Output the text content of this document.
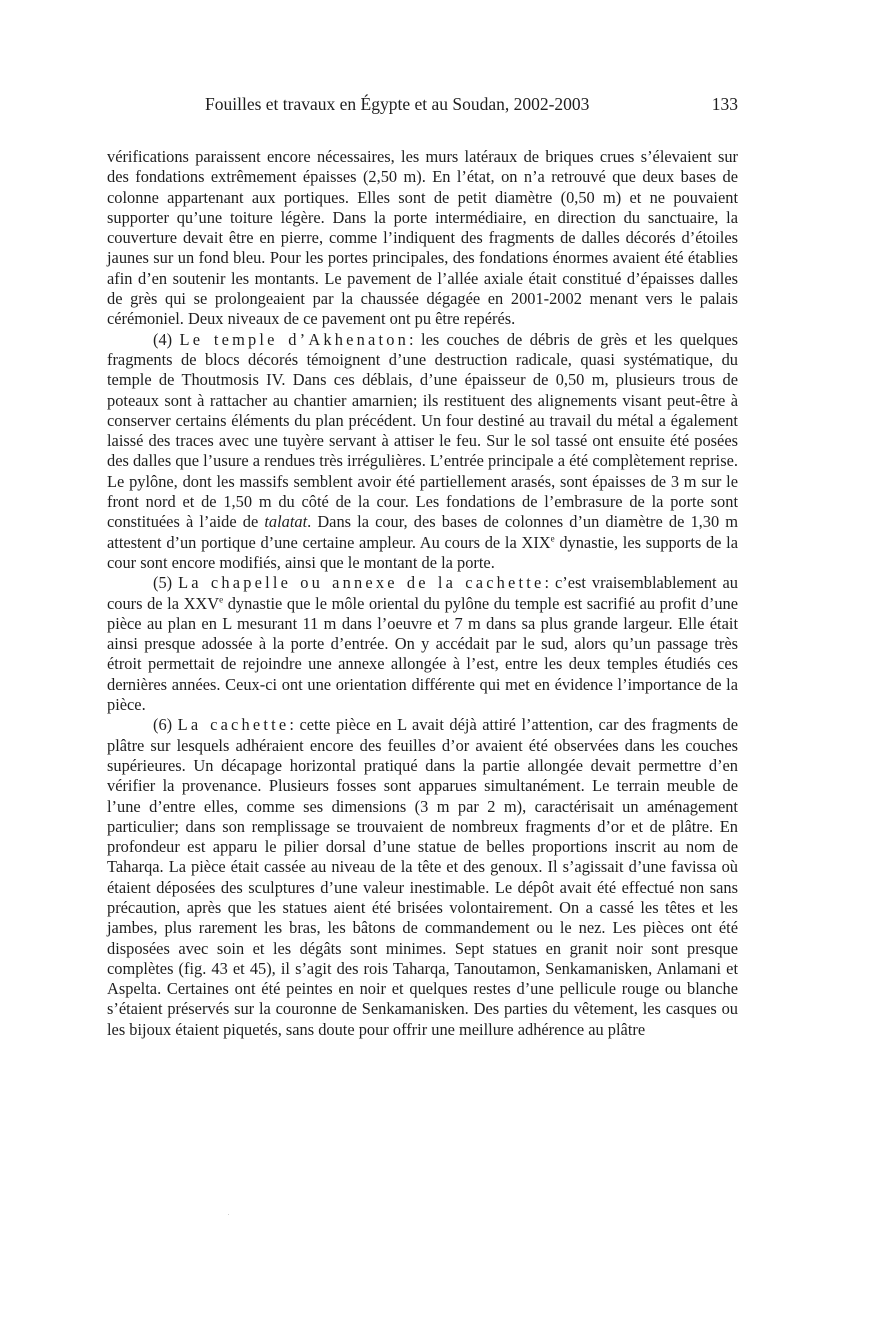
Fouilles et travaux en Égypte et au Soudan, 2002-2003	133

vérifications paraissent encore nécessaires, les murs latéraux de briques crues s’élevaient sur des fondations extrêmement épaisses (2,50 m). En l’état, on n’a retrouvé que deux bases de colonne appartenant aux portiques. Elles sont de petit diamètre (0,50 m) et ne pouvaient supporter qu’une toiture légère. Dans la porte intermédiaire, en direction du sanctuaire, la couverture devait être en pierre, comme l’indiquent des fragments de dalles décorés d’étoiles jaunes sur un fond bleu. Pour les portes principales, des fondations énormes avaient été établies afin d’en soutenir les montants. Le pavement de l’allée axiale était constitué d’épaisses dalles de grès qui se prolongeaient par la chaussée dégagée en 2001-2002 menant vers le palais cérémoniel. Deux niveaux de ce pavement ont pu être repérés.

(4) Le temple d’Akhenaton: les couches de débris de grès et les quelques fragments de blocs décorés témoignent d’une destruction radicale, quasi systématique, du temple de Thoutmosis IV. Dans ces déblais, d’une épaisseur de 0,50 m, plusieurs trous de poteaux sont à rattacher au chantier amarnien; ils restituent des alignements visant peut-être à conserver certains éléments du plan précédent. Un four destiné au travail du métal a également laissé des traces avec une tuyère servant à attiser le feu. Sur le sol tassé ont ensuite été posées des dalles que l’usure a rendues très irrégulières. L’entrée principale a été complètement reprise. Le pylône, dont les massifs semblent avoir été partiellement arasés, sont épaisses de 3 m sur le front nord et de 1,50 m du côté de la cour. Les fondations de l’embrasure de la porte sont constituées à l’aide de talatat. Dans la cour, des bases de colonnes d’un diamètre de 1,30 m attestent d’un portique d’une certaine ampleur. Au cours de la XIXe dynastie, les supports de la cour sont encore modifiés, ainsi que le montant de la porte.

(5) La chapelle ou annexe de la cachette: c’est vraisemblablement au cours de la XXVe dynastie que le môle oriental du pylône du temple est sacrifié au profit d’une pièce au plan en L mesurant 11 m dans l’oeuvre et 7 m dans sa plus grande largeur. Elle était ainsi presque adossée à la porte d’entrée. On y accédait par le sud, alors qu’un passage très étroit permettait de rejoindre une annexe allongée à l’est, entre les deux temples étudiés ces dernières années. Ceux-ci ont une orientation différente qui met en évidence l’importance de la pièce.

(6) La cachette: cette pièce en L avait déjà attiré l’attention, car des fragments de plâtre sur lesquels adhéraient encore des feuilles d’or avaient été observées dans les couches supérieures. Un décapage horizontal pratiqué dans la partie allongée devait permettre d’en vérifier la provenance. Plusieurs fosses sont apparues simultanément. Le terrain meuble de l’une d’entre elles, comme ses dimensions (3 m par 2 m), caractérisait un aménagement particulier; dans son remplissage se trouvaient de nombreux fragments d’or et de plâtre. En profondeur est apparu le pilier dorsal d’une statue de belles proportions inscrit au nom de Taharqa. La pièce était cassée au niveau de la tête et des genoux. Il s’agissait d’une favissa où étaient déposées des sculptures d’une valeur inestimable. Le dépôt avait été effectué non sans précaution, après que les statues aient été brisées volontairement. On a cassé les têtes et les jambes, plus rarement les bras, les bâtons de commandement ou le nez. Les pièces ont été disposées avec soin et les dégâts sont minimes. Sept statues en granit noir sont presque complètes (fig. 43 et 45), il s’agit des rois Taharqa, Tanoutamon, Senkamanisken, Anlamani et Aspelta. Certaines ont été peintes en noir et quelques restes d’une pellicule rouge ou blanche s’étaient préservés sur la couronne de Senkamanisken. Des parties du vêtement, les casques ou les bijoux étaient piquetés, sans doute pour offrir une meillure adhérence au plâtre
